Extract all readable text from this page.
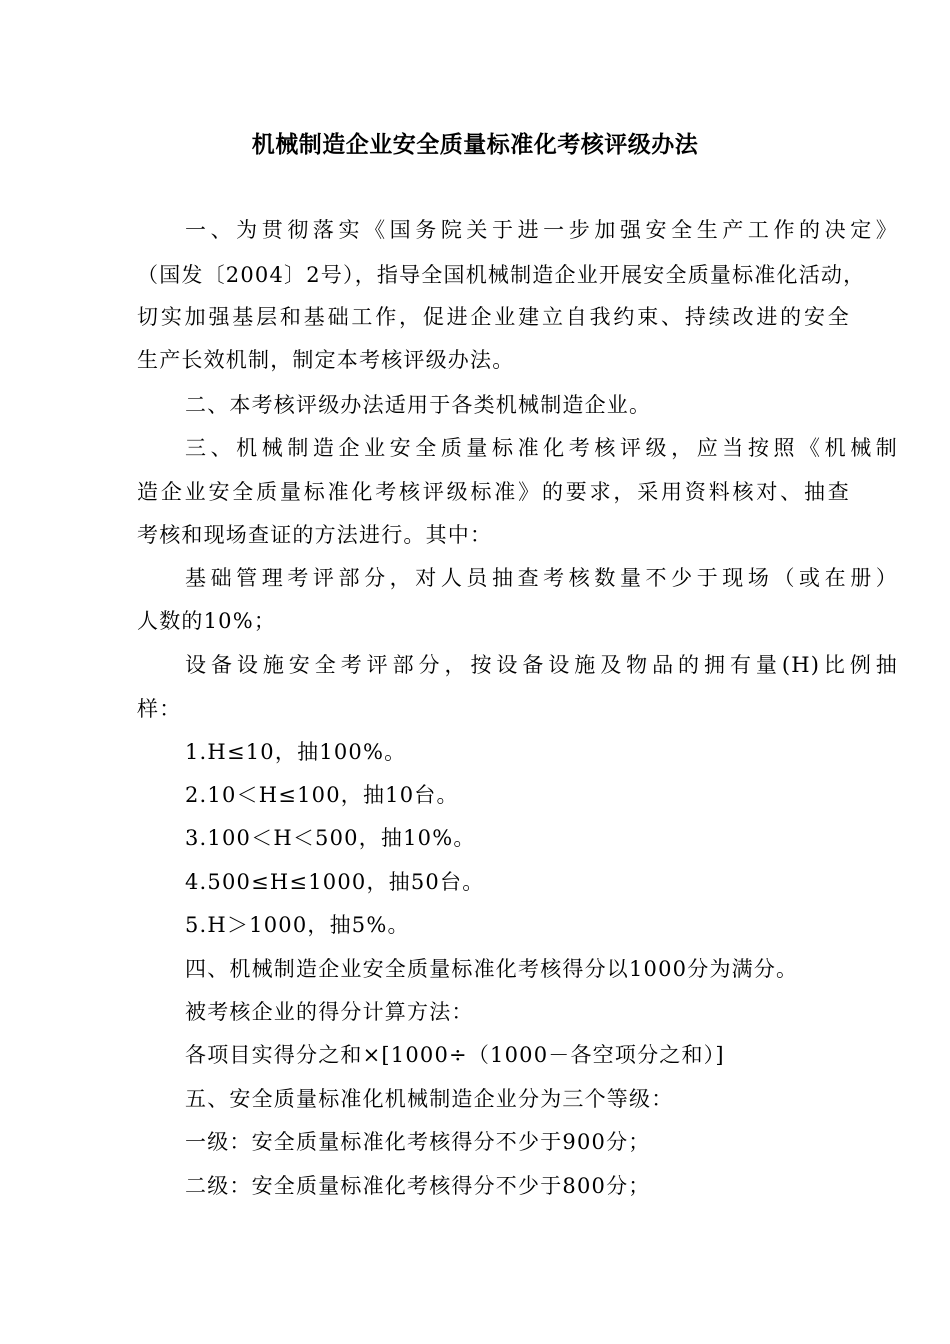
机械制造企业安全质量标准化考核评级办法
一、为贯彻落实《国务院关于进一步加强安全生产工作的决定》
（国发〔2004〕2号），指导全国机械制造企业开展安全质量标准化活动，
切实加强基层和基础工作，促进企业建立自我约束、持续改进的安全
生产长效机制，制定本考核评级办法。
二、本考核评级办法适用于各类机械制造企业。
三、机械制造企业安全质量标准化考核评级，应当按照《机械制
造企业安全质量标准化考核评级标准》的要求，采用资料核对、抽查
考核和现场查证的方法进行。其中：
基础管理考评部分，对人员抽查考核数量不少于现场（或在册）
人数的10%；
设备设施安全考评部分，按设备设施及物品的拥有量(H)比例抽
样：
1.H≤10，抽100%。
2.10＜H≤100，抽10台。
3.100＜H＜500，抽10%。
4.500≤H≤1000，抽50台。
5.H＞1000，抽5%。
四、机械制造企业安全质量标准化考核得分以1000分为满分。
被考核企业的得分计算方法：
各项目实得分之和×[1000÷（1000－各空项分之和）]
五、安全质量标准化机械制造企业分为三个等级：
一级：安全质量标准化考核得分不少于900分；
二级：安全质量标准化考核得分不少于800分；
